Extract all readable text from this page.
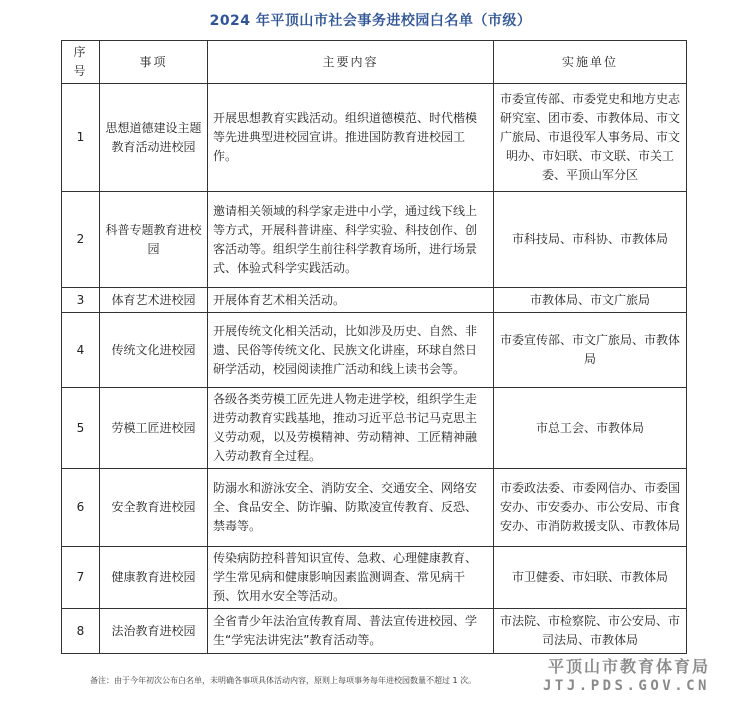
2024 年平顶山市社会事务进校园白名单（市级）
序
号	事项	主要内容	实施单位
1	思想道德建设主题教育活动进校园	开展思想教育实践活动。组织道德模范、时代楷模等先进典型进校园宣讲。推进国防教育进校园工作。	市委宣传部、市委党史和地方史志研究室、团市委、市教体局、市文广旅局、市退役军人事务局、市文明办、市妇联、市文联、市关工委、平顶山军分区
2	科普专题教育进校园	邀请相关领域的科学家走进中小学，通过线下线上等方式，开展科普讲座、科学实验、科技创作、创客活动等。组织学生前往科学教育场所，进行场景式、体验式科学实践活动。	市科技局、市科协、市教体局
3	体育艺术进校园	开展体育艺术相关活动。	市教体局、市文广旅局
4	传统文化进校园	开展传统文化相关活动，比如涉及历史、自然、非遗、民俗等传统文化、民族文化讲座，环球自然日研学活动，校园阅读推广活动和线上读书会等。	市委宣传部、市文广旅局、市教体局
5	劳模工匠进校园	各级各类劳模工匠先进人物走进学校，组织学生走进劳动教育实践基地，推动习近平总书记马克思主义劳动观，以及劳模精神、劳动精神、工匠精神融入劳动教育全过程。	市总工会、市教体局
6	安全教育进校园	防溺水和游泳安全、消防安全、交通安全、网络安全、食品安全、防诈骗、防欺凌宣传教育、反恐、禁毒等。	市委政法委、市委网信办、市委国安办、市安委办、市公安局、市食安办、市消防救援支队、市教体局
7	健康教育进校园	传染病防控科普知识宣传、急救、心理健康教育、学生常见病和健康影响因素监测调查、常见病干预、饮用水安全等活动。	市卫健委、市妇联、市教体局
8	法治教育进校园	全省青少年法治宣传教育周、普法宣传进校园、学生“学宪法讲宪法”教育活动等。	市法院、市检察院、市公安局、市司法局、市教体局
备注：由于今年初次公布白名单，未明确各事项具体活动内容，原则上每项事务每年进校园数量不超过 1 次。
平顶山市教育体育局
JTJ.PDS.GOV.CN
